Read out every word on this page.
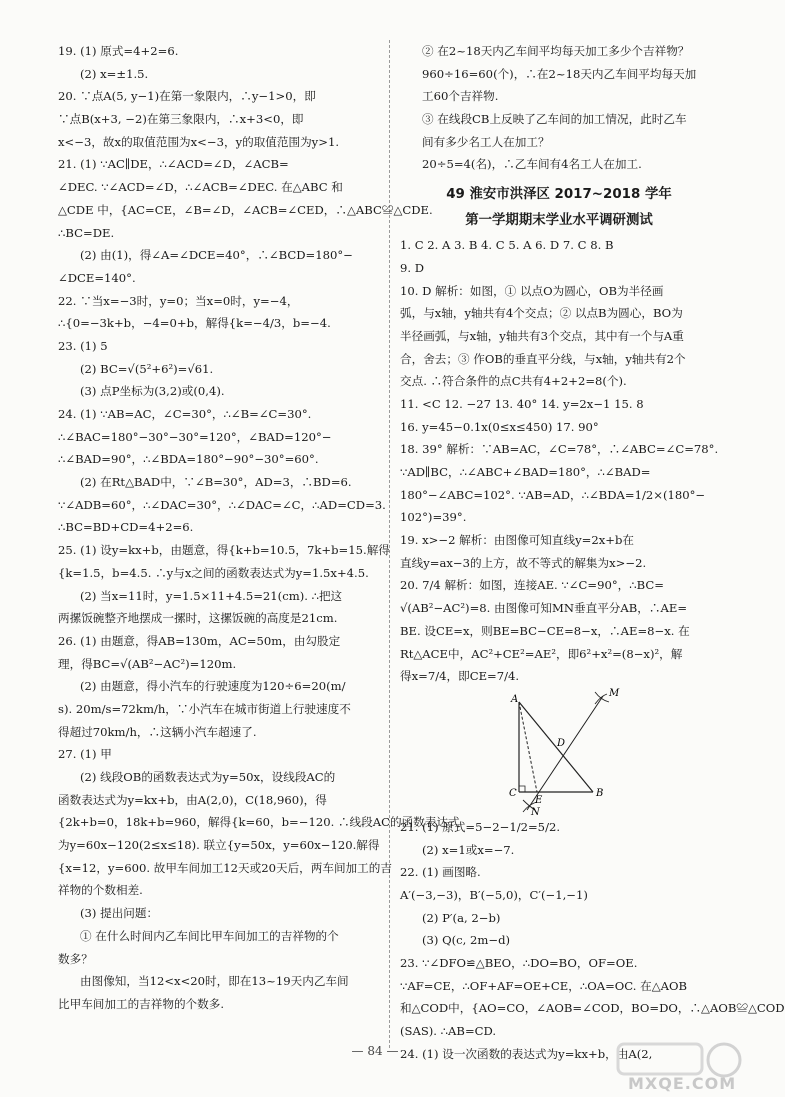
19. (1) 原式=4+2=6.
(2) x=±1.5.
20. ∵点A(5, y−1)在第一象限内，∴y−1>0，即
∵点B(x+3, −2)在第三象限内，∴x+3<0，即
x<−3，故x的取值范围为x<−3，y的取值范围为y>1.
21. (1) ∵AC∥DE，∴∠ACD=∠D，∠ACB=
∠DEC. ∵∠ACD=∠D，∴∠ACB=∠DEC. 在△ABC 和
△CDE 中，{AC=CE，∠B=∠D，∠ACB=∠CED，∴△ABC≌△CDE.
∴BC=DE.
(2) 由(1)，得∠A=∠DCE=40°，∴∠BCD=180°−
∠DCE=140°.
22. ∵当x=−3时，y=0；当x=0时，y=−4，
∴{0=−3k+b，−4=0+b，解得{k=−4/3，b=−4.
23. (1) 5
(2) BC=√(5²+6²)=√61.
(3) 点P坐标为(3,2)或(0,4).
24. (1) ∵AB=AC，∠C=30°，∴∠B=∠C=30°.
∴∠BAC=180°−30°−30°=120°，∠BAD=120°−
∴∠BAD=90°，∴∠BDA=180°−90°−30°=60°.
(2) 在Rt△BAD中，∵∠B=30°，AD=3，∴BD=6.
∵∠ADB=60°，∴∠DAC=30°，∴∠DAC=∠C，∴AD=CD=3.
∴BC=BD+CD=4+2=6.
25. (1) 设y=kx+b，由题意，得{k+b=10.5，7k+b=15.解得
{k=1.5，b=4.5. ∴y与x之间的函数表达式为y=1.5x+4.5.
(2) 当x=11时，y=1.5×11+4.5=21(cm). ∴把这
两摞饭碗整齐地摆成一摞时，这摞饭碗的高度是21cm.
26. (1) 由题意，得AB=130m，AC=50m，由勾股定
理，得BC=√(AB²−AC²)=120m.
(2) 由题意，得小汽车的行驶速度为120÷6=20(m/
s). 20m/s=72km/h，∵小汽车在城市街道上行驶速度不
得超过70km/h，∴这辆小汽车超速了.
27. (1) 甲
(2) 线段OB的函数表达式为y=50x，设线段AC的
函数表达式为y=kx+b，由A(2,0)，C(18,960)，得
{2k+b=0，18k+b=960，解得{k=60，b=−120. ∴线段AC的函数表达式
为y=60x−120(2≤x≤18). 联立{y=50x，y=60x−120.解得
{x=12，y=600. 故甲车间加工12天或20天后，两车间加工的吉
祥物的个数相差.
(3) 提出问题：
① 在什么时间内乙车间比甲车间加工的吉祥物的个
数多？
由图像知，当12<x<20时，即在13~19天内乙车间
比甲车间加工的吉祥物的个数多.
② 在2~18天内乙车间平均每天加工多少个吉祥物？
960÷16=60(个)，∴在2~18天内乙车间平均每天加
工60个吉祥物.
③ 在线段CB上反映了乙车间的加工情况，此时乙车
间有多少名工人在加工？
20÷5=4(名)，∴乙车间有4名工人在加工.
49 淮安市洪泽区 2017~2018 学年
第一学期期末学业水平调研测试
1. C 2. A 3. B 4. C 5. A 6. D 7. C 8. B
9. D
10. D 解析：如图，① 以点O为圆心，OB为半径画
弧，与x轴，y轴共有4个交点；② 以点B为圆心，BO为
半径画弧，与x轴，y轴共有3个交点，其中有一个与A重
合，舍去；③ 作OB的垂直平分线，与x轴，y轴共有2个
交点. ∴符合条件的点C共有4+2+2=8(个).
11. <C 12. −27 13. 40° 14. y=2x−1 15. 8
16. y=45−0.1x(0≤x≤450) 17. 90°
18. 39° 解析：∵AB=AC，∠C=78°，∴∠ABC=∠C=78°.
∵AD∥BC，∴∠ABC+∠BAD=180°，∴∠BAD=
180°−∠ABC=102°. ∵AB=AD，∴∠BDA=1/2×(180°−
102°)=39°.
19. x>−2 解析：由图像可知直线y=2x+b在
直线y=ax−3的上方，故不等式的解集为x>−2.
20. 7/4 解析：如图，连接AE. ∵∠C=90°，∴BC=
√(AB²−AC²)=8. 由图像可知MN垂直平分AB，∴AE=
BE. 设CE=x，则BE=BC−CE=8−x，∴AE=8−x. 在
Rt△ACE中，AC²+CE²=AE²，即6²+x²=(8−x)²，解
得x=7/4，即CE=7/4.
A
M
D
C
E
B
N
21. (1) 原式=5−2−1/2=5/2.
(2) x=1或x=−7.
22. (1) 画图略.
A′(−3,−3)，B′(−5,0)，C′(−1,−1)
(2) P′(a, 2−b)
(3) Q(c, 2m−d)
23. ∵∠DFO≌△BEO，∴DO=BO，OF=OE.
∵AF=CE，∴OF+AF=OE+CE，∴OA=OC. 在△AOB
和△COD中，{AO=CO，∠AOB=∠COD，BO=DO，∴△AOB≌△COD
(SAS). ∴AB=CD.
24. (1) 设一次函数的表达式为y=kx+b，由A(2,
— 84 —
MXQE.COM
